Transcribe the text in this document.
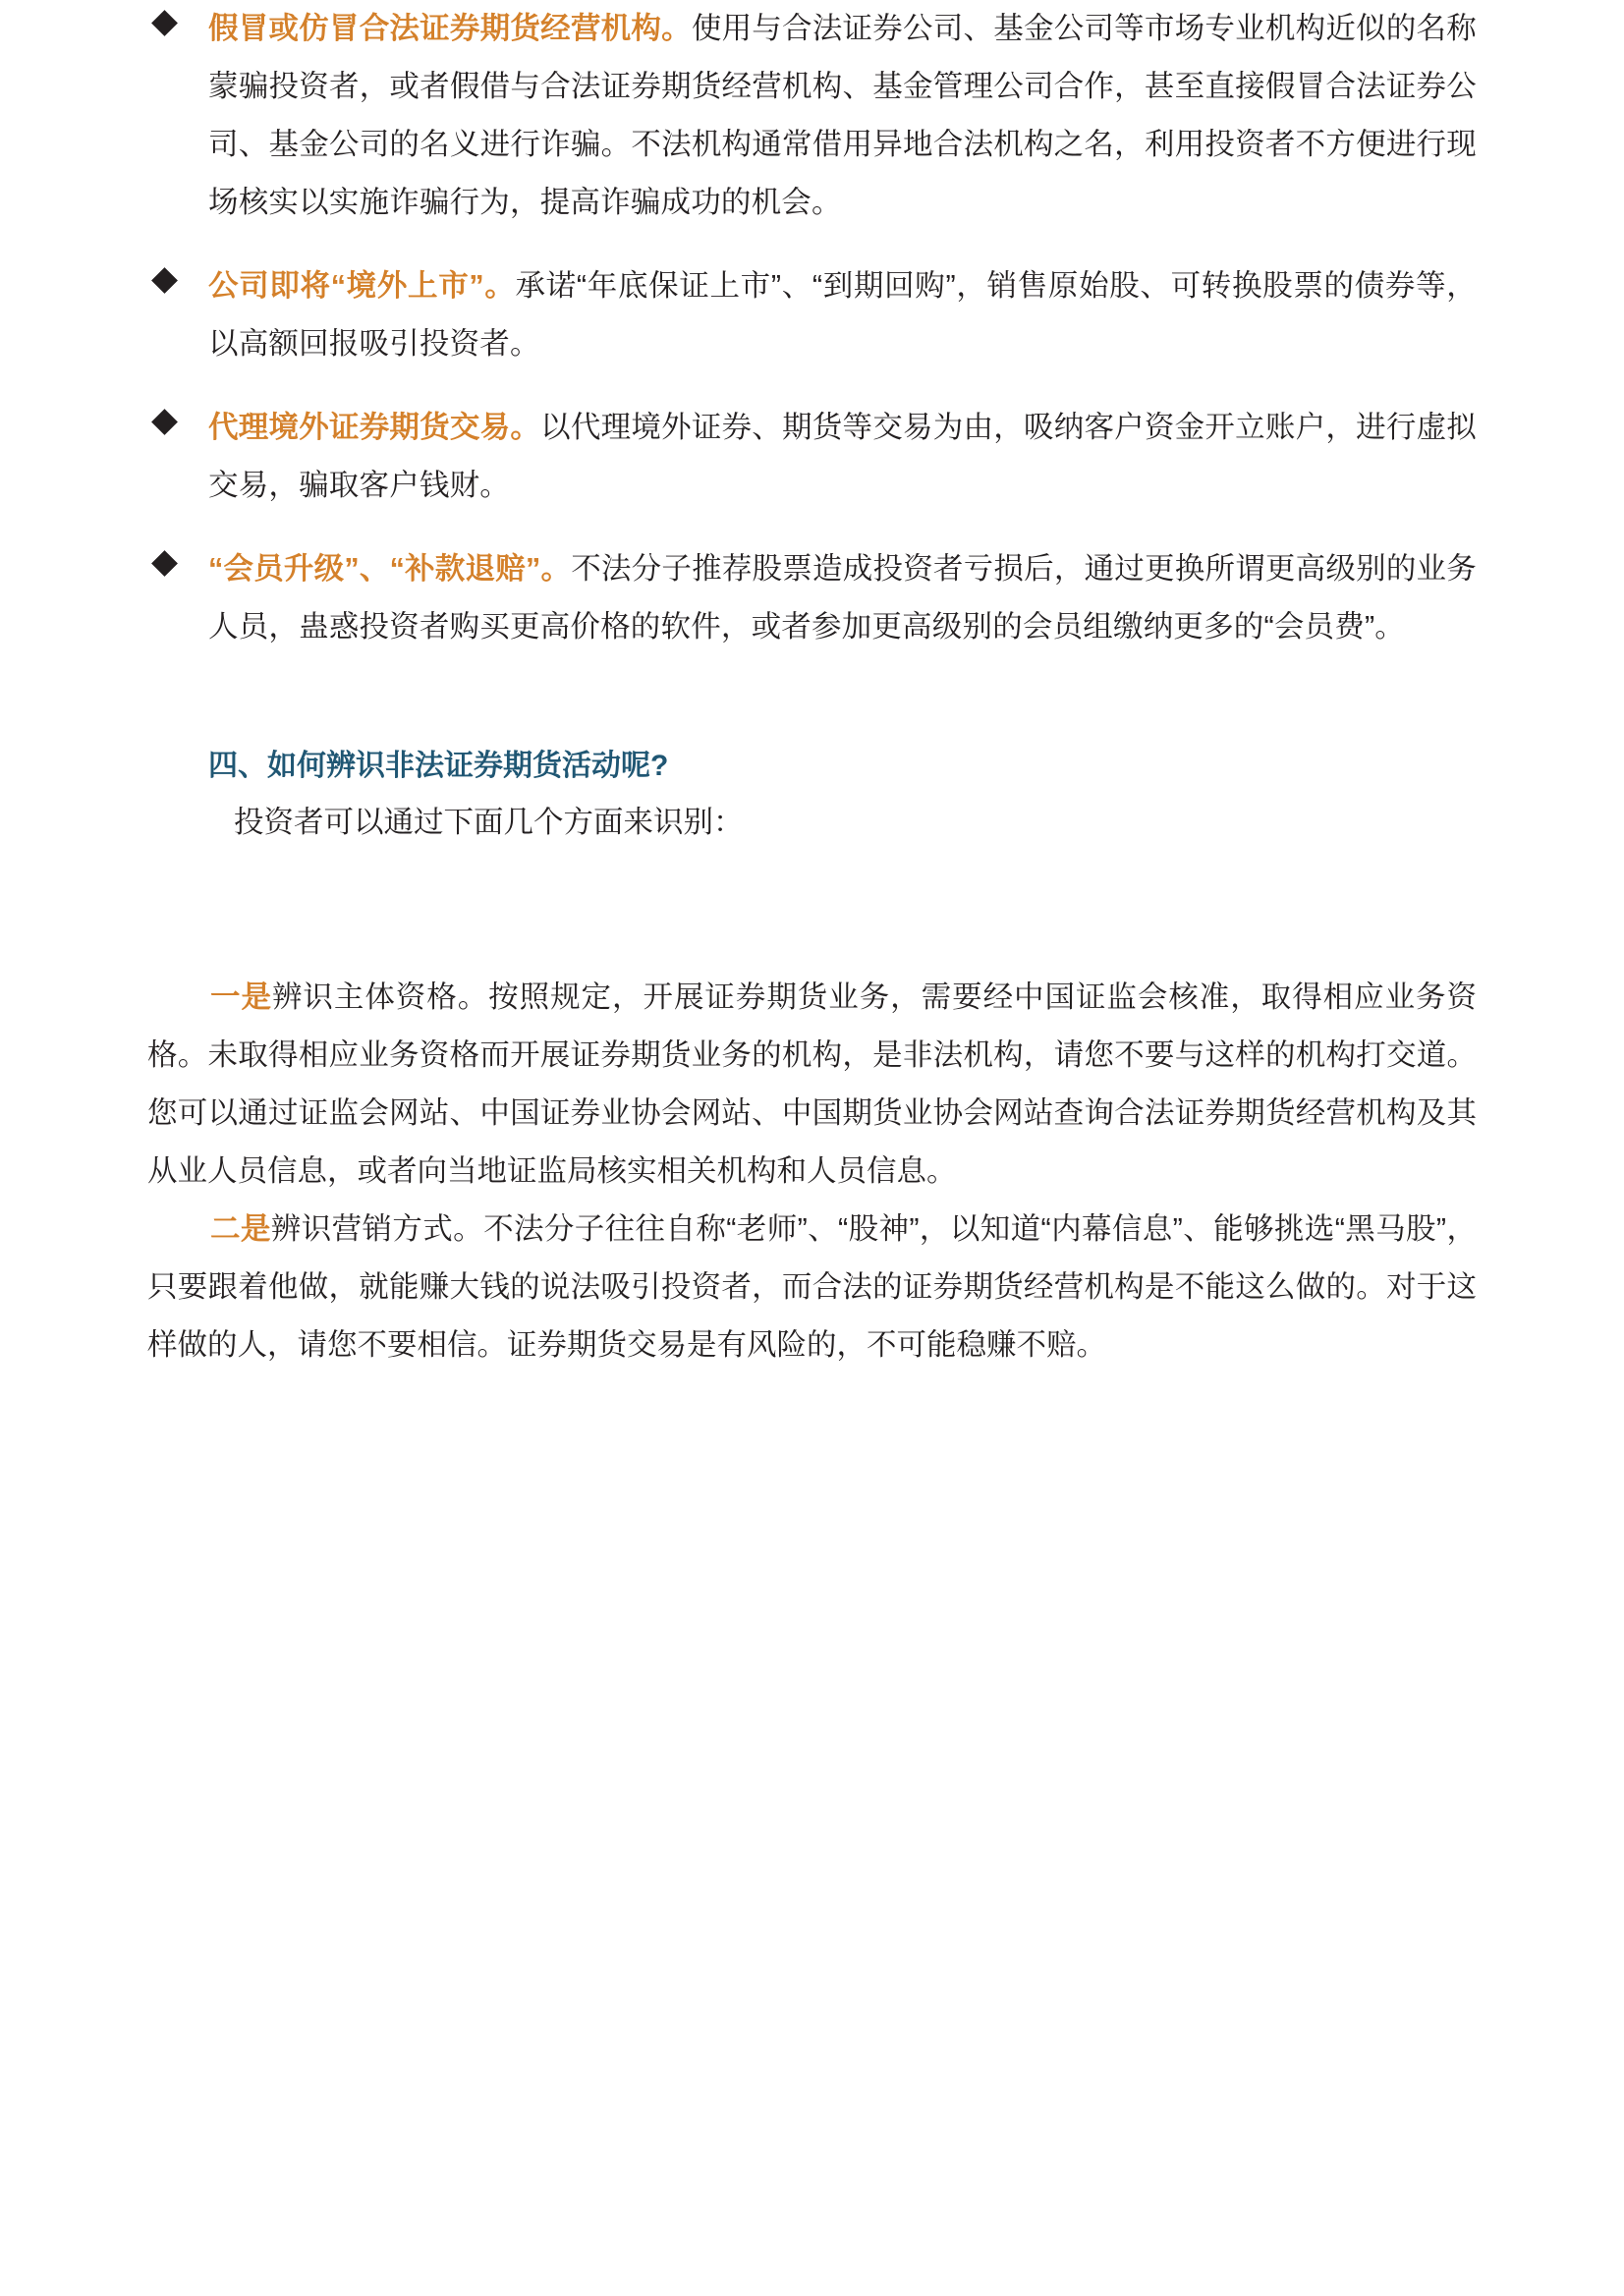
假冒或仿冒合法证券期货经营机构。使用与合法证券公司、基金公司等市场专业机构近似的名称蒙骗投资者，或者假借与合法证券期货经营机构、基金管理公司合作，甚至直接假冒合法证券公司、基金公司的名义进行诈骗。不法机构通常借用异地合法机构之名，利用投资者不方便进行现场核实以实施诈骗行为，提高诈骗成功的机会。

公司即将“境外上市”。承诺“年底保证上市”、“到期回购”，销售原始股、可转换股票的债券等，以高额回报吸引投资者。

代理境外证券期货交易。以代理境外证券、期货等交易为由，吸纳客户资金开立账户，进行虚拟交易，骗取客户钱财。

“会员升级”、“补款退赔”。不法分子推荐股票造成投资者亏损后，通过更换所谓更高级别的业务人员，蛊惑投资者购买更高价格的软件，或者参加更高级别的会员组缴纳更多的“会员费”。

四、如何辨识非法证券期货活动呢?

投资者可以通过下面几个方面来识别：

一是辨识主体资格。按照规定，开展证券期货业务，需要经中国证监会核准，取得相应业务资格。未取得相应业务资格而开展证券期货业务的机构，是非法机构，请您不要与这样的机构打交道。您可以通过证监会网站、中国证券业协会网站、中国期货业协会网站查询合法证券期货经营机构及其从业人员信息，或者向当地证监局核实相关机构和人员信息。

二是辨识营销方式。不法分子往往自称“老师”、“股神”，以知道“内幕信息”、能够挑选“黑马股”，只要跟着他做，就能赚大钱的说法吸引投资者，而合法的证券期货经营机构是不能这么做的。对于这样做的人，请您不要相信。证券期货交易是有风险的，不可能稳赚不赔。
